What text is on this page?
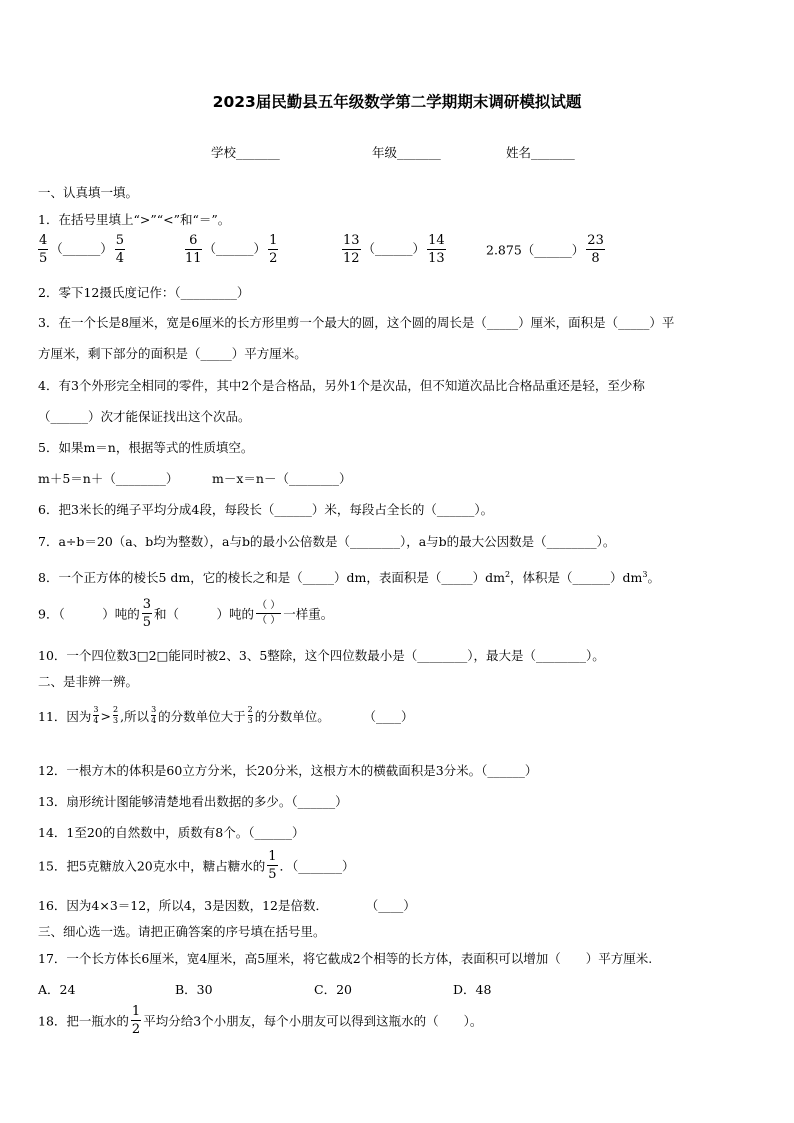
2023届民勤县五年级数学第二学期期末调研模拟试题
学校_______	年级_______	姓名_______
一、认真填一填。
1．在括号里填上“>”“<”和“＝”。
$\frac{4}{5}$ （______） $\frac{5}{4}$	$\frac{6}{11}$ （______） $\frac{1}{2}$	$\frac{13}{12}$ （______） $\frac{14}{13}$	2.875（______） $\frac{23}{8}$
2．零下12摄氏度记作：（_________）
3．在一个长是8厘米，宽是6厘米的长方形里剪一个最大的圆，这个圆的周长是（_____）厘米，面积是（_____）平
方厘米，剩下部分的面积是（_____）平方厘米。
4．有3个外形完全相同的零件，其中2个是合格品，另外1个是次品，但不知道次品比合格品重还是轻，至少称
（______）次才能保证找出这个次品。
5．如果m＝n，根据等式的性质填空。
m＋5＝n＋（________）	m－x＝n－（________）
6．把3米长的绳子平均分成4段，每段长（______）米，每段占全长的（______）。
7．a÷b＝20（a、b均为整数），a与b的最小公倍数是（________），a与b的最大公因数是（________）。
8．一个正方体的棱长5 dm，它的棱长之和是（_____）dm，表面积是$(\_\_\_\_\_)dm^2$，体积是$(\_\_\_\_\_\_)dm^3$。
9．（　　　）吨的 $\frac{3}{5}$ 和（　　　）吨的 $\frac{( )}{( )}$ 一样重。
10．一个四位数3□2□能同时被2、3、5整除，这个四位数最小是（________），最大是（________）。
二、是非辨一辨。
11．因为 $\frac{3}{4} > \frac{2}{3}$ ,所以 $\frac{3}{4}$ 的分数单位大于 $\frac{2}{3}$ 的分数单位。	（____）
12．一根方木的体积是60立方分米，长20分米，这根方木的横截面积是3分米。（______）
13．扇形统计图能够清楚地看出数据的多少。（______）
14．1至20的自然数中，质数有8个。（______）
15．把5克糖放入20克水中，糖占糖水的 $\frac{1}{5}$ ．（_______）
16．因为4×3＝12，所以4，3是因数，12是倍数．	（____）
三、细心选一选。请把正确答案的序号填在括号里。
17．一个长方体长6厘米，宽4厘米，高5厘米，将它截成2个相等的长方体，表面积可以增加（　　）平方厘米.
A．24	B．30	C．20	D．48
18．把一瓶水的 $\frac{1}{2}$ 平均分给3个小朋友，每个小朋友可以得到这瓶水的（　　）。
